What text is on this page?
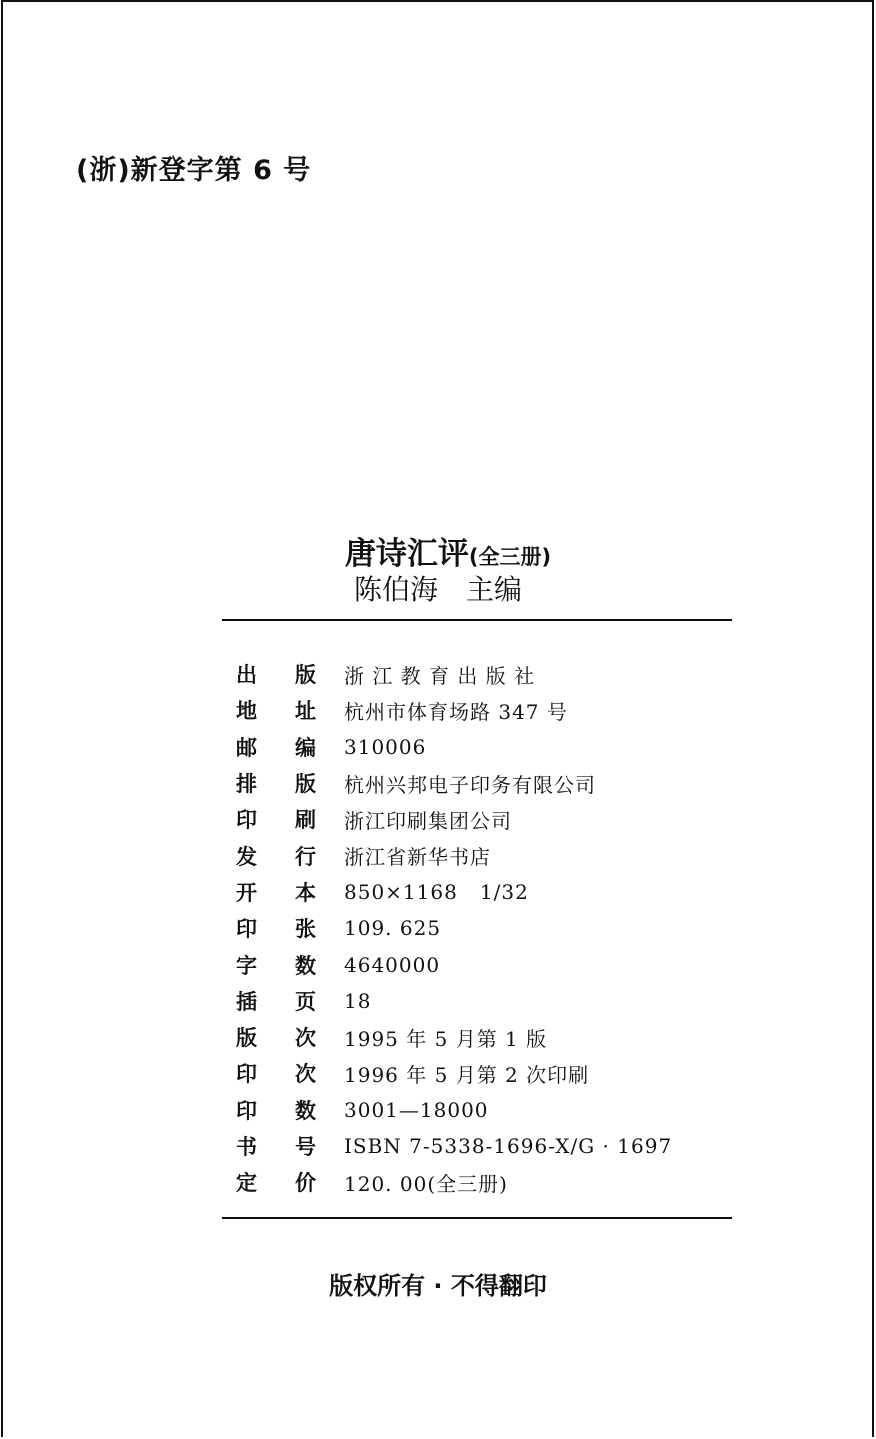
(浙)新登字第 6 号
唐诗汇评(全三册)
陈伯海 主编
出 版 浙 江 教 育 出 版 社
地 址 杭州市体育场路 347 号
邮 编 310006
排 版 杭州兴邦电子印务有限公司
印 刷 浙江印刷集团公司
发 行 浙江省新华书店
开 本 850×1168   1/32
印 张 109. 625
字 数 4640000
插 页 18
版 次 1995 年 5 月第 1 版
印 次 1996 年 5 月第 2 次印刷
印 数 3001—18000
书 号 ISBN 7-5338-1696-X/G · 1697
定 价 120. 00(全三册)
版权所有 · 不得翻印
